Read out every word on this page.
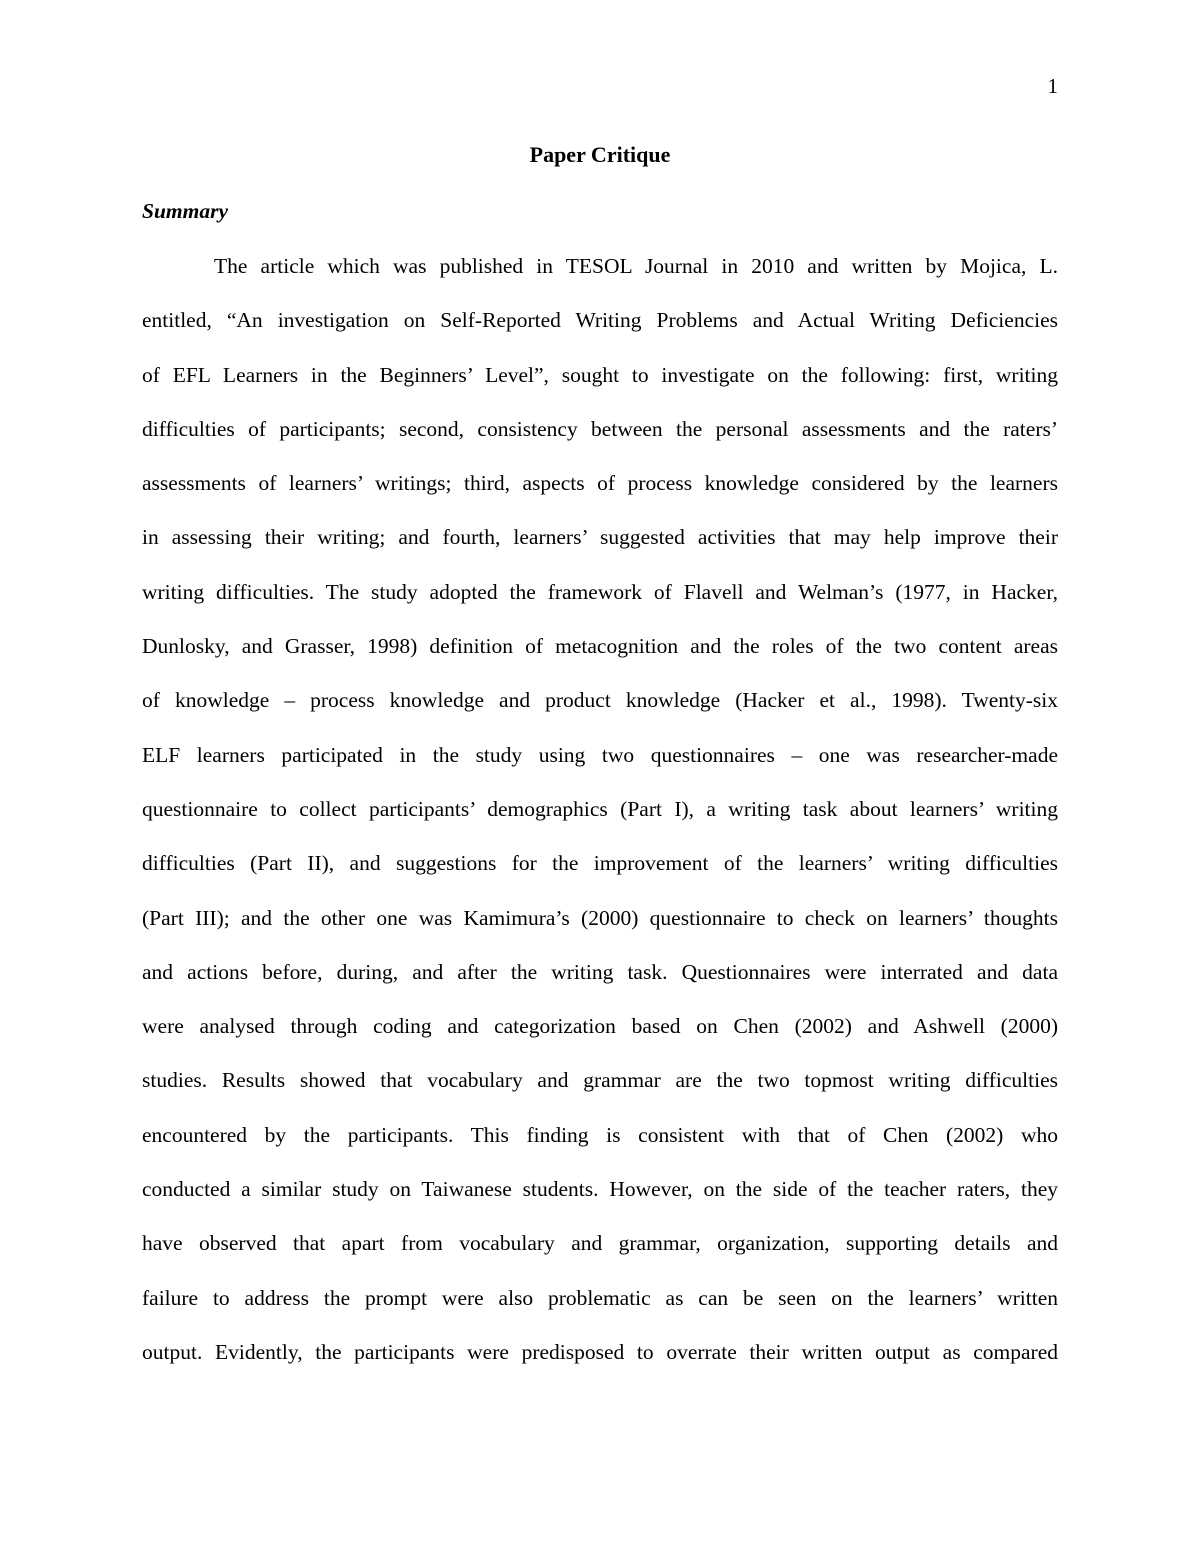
1
Paper Critique
Summary
The article which was published in TESOL Journal in 2010 and written by Mojica, L.
entitled, “An investigation on Self-Reported Writing Problems and Actual Writing Deficiencies
of EFL Learners in the Beginners’ Level”, sought to investigate on the following: first, writing
difficulties of participants; second, consistency between the personal assessments and the raters’
assessments of learners’ writings; third, aspects of process knowledge considered by the learners
in assessing their writing; and fourth, learners’ suggested activities that may help improve their
writing difficulties. The study adopted the framework of Flavell and Welman’s (1977, in Hacker,
Dunlosky, and Grasser, 1998) definition of metacognition and the roles of the two content areas
of knowledge – process knowledge and product knowledge (Hacker et al., 1998). Twenty-six
ELF learners participated in the study using two questionnaires – one was researcher-made
questionnaire to collect participants’ demographics (Part I), a writing task about learners’ writing
difficulties (Part II), and suggestions for the improvement of the learners’ writing difficulties
(Part III); and the other one was Kamimura’s (2000) questionnaire to check on learners’ thoughts
and actions before, during, and after the writing task. Questionnaires were interrated and data
were analysed through coding and categorization based on Chen (2002) and Ashwell (2000)
studies. Results showed that vocabulary and grammar are the two topmost writing difficulties
encountered by the participants. This finding is consistent with that of Chen (2002) who
conducted a similar study on Taiwanese students. However, on the side of the teacher raters, they
have observed that apart from vocabulary and grammar, organization, supporting details and
failure to address the prompt were also problematic as can be seen on the learners’ written
output. Evidently, the participants were predisposed to overrate their written output as compared
